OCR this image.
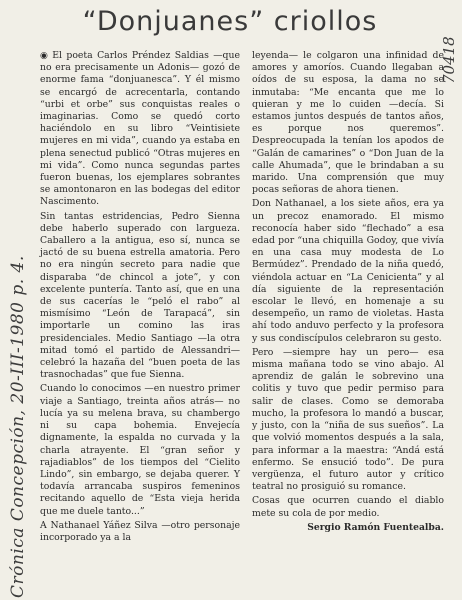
“Donjuanes” criollos
Crónica Concepción, 20-III-1980 p. 4.
70418

◉ El poeta Carlos Préndez Saldias —que no era precisamente un Adonis— gozó de enorme fama “donjuanesca”. Y él mismo se encargó de acrecentarla, contando “urbi et orbe” sus conquistas reales o imaginarias. Como se quedó corto haciéndolo en su libro “Veintisiete mujeres en mi vida”, cuando ya estaba en plena senectud publicó “Otras mujeres en mi vida”. Como nunca segundas partes fueron buenas, los ejemplares sobrantes se amontonaron en las bodegas del editor Nascimento.

Sin tantas estridencias, Pedro Sienna debe haberlo superado con largueza. Caballero a la antigua, eso sí, nunca se jactó de su buena estrella amatoria. Pero no era ningún secreto para nadie que disparaba “de chincol a jote”, y con excelente puntería. Tanto así, que en una de sus cacerías le “peló el rabo” al mismísimo “León de Tarapacá”, sin importarle un comino las iras presidenciales. Medio Santiago —la otra mitad tomó el partido de Alessandri— celebró la hazaña del “buen poeta de las trasnochadas” que fue Sienna.

Cuando lo conocimos —en nuestro primer viaje a Santiago, treinta años atrás— no lucía ya su melena brava, su chambergo ni su capa bohemia. Envejecía dignamente, la espalda no curvada y la charla atrayente. El “gran señor y rajadiablos” de los tiempos del “Cielito Lindo”, sin embargo, se dejaba querer. Y todavía arrancaba suspiros femeninos recitando aquello de “Esta vieja herida que me duele tanto...”

A Nathanael Yáñez Silva —otro personaje incorporado ya a la

leyenda— le colgaron una infinidad de amores y amoríos. Cuando llegaban a oídos de su esposa, la dama no se inmutaba: “Me encanta que me lo quieran y me lo cuiden —decía. Si estamos juntos después de tantos años, es porque nos queremos”. Despreocupada la tenían los apodos de “Galán de camarines” o “Don Juan de la calle Ahumada”, que le brindaban a su marido. Una comprensión que muy pocas señoras de ahora tienen.

Don Nathanael, a los siete años, era ya un precoz enamorado. El mismo reconocía haber sido “flechado” a esa edad por “una chiquilla Godoy, que vivía en una casa muy modesta de Lo Bermúdez”. Prendado de la niña quedó, viéndola actuar en “La Cenicienta” y al día siguiente de la representación escolar le llevó, en homenaje a su desempeño, un ramo de violetas. Hasta ahí todo anduvo perfecto y la profesora y sus condiscípulos celebraron su gesto.

Pero —siempre hay un pero— esa misma mañana todo se vino abajo. Al aprendiz de galán le sobrevino una colitis y tuvo que pedir permiso para salir de clases. Como se demoraba mucho, la profesora lo mandó a buscar, y justo, con la “niña de sus sueños”. La que volvió momentos después a la sala, para informar a la maestra: “Andá está enfermo. Se ensució todo”. De pura vergüenza, el futuro autor y crítico teatral no prosiguió su romance.

Cosas que ocurren cuando el diablo mete su cola de por medio.

Sergio Ramón Fuentealba.
